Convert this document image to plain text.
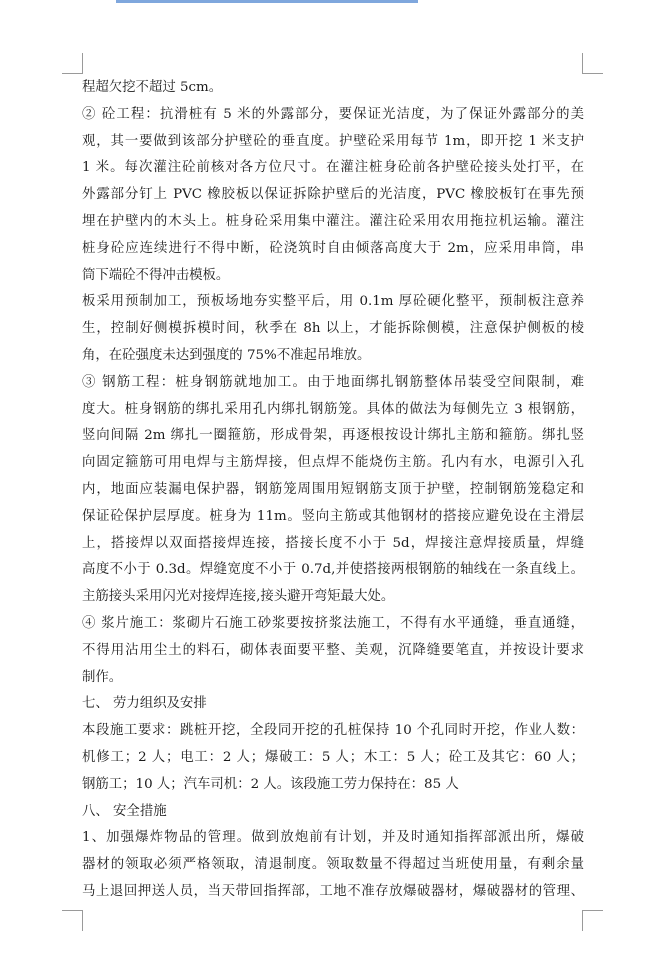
程超欠挖不超过 5cm。
② 砼工程：抗滑桩有 5 米的外露部分，要保证光洁度，为了保证外露部分的美
观，其一要做到该部分护壁砼的垂直度。护壁砼采用每节 1m，即开挖 1 米支护
1 米。每次灌注砼前核对各方位尺寸。在灌注桩身砼前各护壁砼接头处打平，在
外露部分钉上 PVC 橡胶板以保证拆除护壁后的光洁度，PVC 橡胶板钉在事先预
埋在护壁内的木头上。桩身砼采用集中灌注。灌注砼采用农用拖拉机运输。灌注
桩身砼应连续进行不得中断，砼浇筑时自由倾落高度大于 2m，应采用串筒，串
筒下端砼不得冲击模板。
板采用预制加工，预板场地夯实整平后，用 0.1m 厚砼硬化整平，预制板注意养
生，控制好侧模拆模时间，秋季在 8h 以上，才能拆除侧模，注意保护侧板的棱
角，在砼强度未达到强度的 75%不准起吊堆放。
③ 钢筋工程：桩身钢筋就地加工。由于地面绑扎钢筋整体吊装受空间限制，难
度大。桩身钢筋的绑扎采用孔内绑扎钢筋笼。具体的做法为每侧先立 3 根钢筋，
竖向间隔 2m 绑扎一圈箍筋，形成骨架，再逐根按设计绑扎主筋和箍筋。绑扎竖
向固定箍筋可用电焊与主筋焊接，但点焊不能烧伤主筋。孔内有水，电源引入孔
内，地面应装漏电保护器，钢筋笼周围用短钢筋支顶于护壁，控制钢筋笼稳定和
保证砼保护层厚度。桩身为 11m。竖向主筋或其他钢材的搭接应避免设在主滑层
上，搭接焊以双面搭接焊连接，搭接长度不小于 5d，焊接注意焊接质量，焊缝
高度不小于 0.3d。焊缝宽度不小于 0.7d,并使搭接两根钢筋的轴线在一条直线上。
主筋接头采用闪光对接焊连接,接头避开弯矩最大处。
④ 浆片施工：浆砌片石施工砂浆要按挤浆法施工，不得有水平通缝，垂直通缝，
不得用沾用尘土的料石，砌体表面要平整、美观，沉降缝要笔直，并按设计要求
制作。
七、 劳力组织及安排
本段施工要求：跳桩开挖，全段同开挖的孔桩保持 10 个孔同时开挖，作业人数：
机修工；2 人；电工：2 人；爆破工：5 人；木工：5 人；砼工及其它：60 人；
钢筋工；10 人；汽车司机：2 人。该段施工劳力保持在：85 人
八、 安全措施
1、加强爆炸物品的管理。做到放炮前有计划，并及时通知指挥部派出所，爆破
器材的领取必须严格领取，清退制度。领取数量不得超过当班使用量，有剩余量
马上退回押送人员，当天带回指挥部，工地不准存放爆破器材，爆破器材的管理、
